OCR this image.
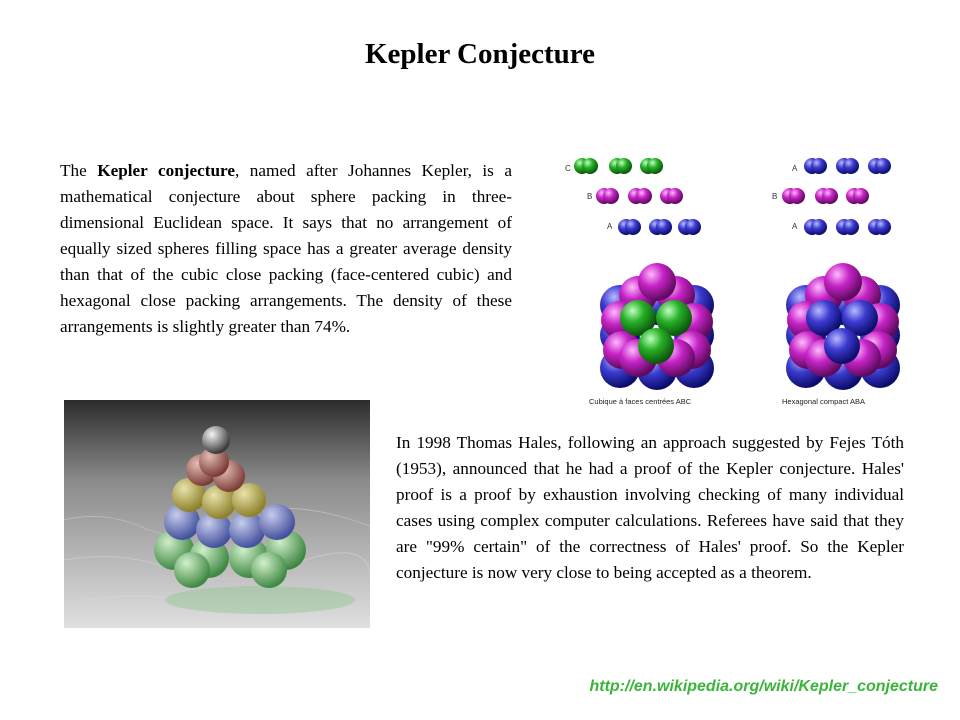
Kepler Conjecture

The Kepler conjecture, named after Johannes Kepler, is a mathematical conjecture about sphere packing in three-dimensional Euclidean space. It says that no arrangement of equally sized spheres filling space has a greater average density than that of the cubic close packing (face-centered cubic) and hexagonal close packing arrangements. The density of these arrangements is slightly greater than 74%.

In 1998 Thomas Hales, following an approach suggested by Fejes Tóth (1953), announced that he had a proof of the Kepler conjecture. Hales' proof is a proof by exhaustion involving checking of many individual cases using complex computer calculations. Referees have said that they are "99% certain" of the correctness of Hales' proof. So the Kepler conjecture is now very close to being accepted as a theorem.

C
B
A
A
B
A
Cubique à faces centrées ABC	Hexagonal compact ABA
http://en.wikipedia.org/wiki/Kepler_conjecture
